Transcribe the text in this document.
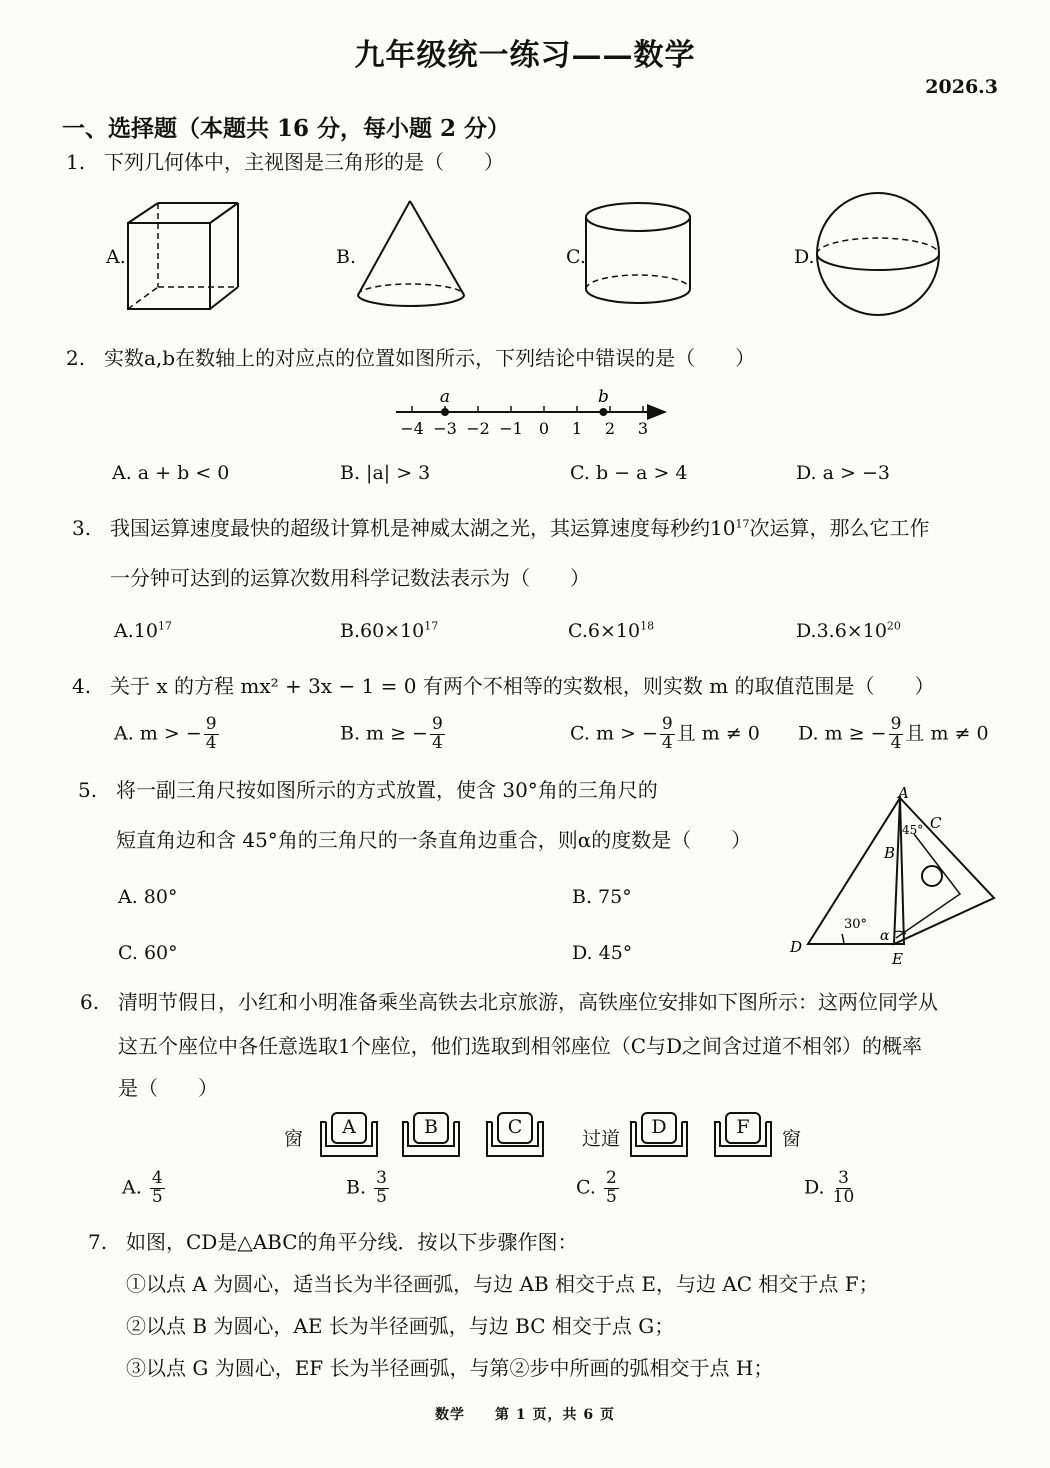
九年级统一练习——数学
2026.3
一、选择题（本题共 16 分，每小题 2 分）
1. 下列几何体中，主视图是三角形的是（　　）
A.	B.	C.	D.
2. 实数a,b在数轴上的对应点的位置如图所示，下列结论中错误的是（　　）
−4 −3 −2 −1 0 1 2 3
a	b
A. a + b < 0	B. |a| > 3	C. b − a > 4	D. a > −3
3. 我国运算速度最快的超级计算机是神威太湖之光，其运算速度每秒约$10^{17}$次运算，那么它工作
一分钟可达到的运算次数用科学记数法表示为（　　）
$A.10^{17}$	$B.60\times 10^{17}$	$C.6\times 10^{18}$	$D.3.6\times 10^{20}$
4. 关于 x 的方程 mx² + 3x − 1 = 0 有两个不相等的实数根，则实数 m 的取值范围是（　　）
A. m > − $\frac{9}{4}$	B. m ≥ − $\frac{9}{4}$	C. m > − $\frac{9}{4}$ 且 m ≠ 0 D. m ≥ − $\frac{9}{4}$ 且 m ≠ 0
5. 将一副三角尺按如图所示的方式放置，使含 30°角的三角尺的
短直角边和含 45°角的三角尺的一条直角边重合，则α的度数是（　　）
A. 80°	B. 75°
C. 60°	D. 45°
A
B
C
D
E
45°
30°
α
6. 清明节假日，小红和小明准备乘坐高铁去北京旅游，高铁座位安排如下图所示：这两位同学从
这五个座位中各任意选取1个座位，他们选取到相邻座位（C与D之间含过道不相邻）的概率
是（　　）
窗	过道	窗
A	B	C	D	F
A. $\frac{4}{5}$	B. $\frac{3}{5}$	C. $\frac{2}{5}$	D. $\frac{3}{10}$
7. 如图，CD是△ABC的角平分线．按以下步骤作图：
①以点 A 为圆心，适当长为半径画弧，与边 AB 相交于点 E，与边 AC 相交于点 F；
②以点 B 为圆心，AE 长为半径画弧，与边 BC 相交于点 G；
③以点 G 为圆心，EF 长为半径画弧，与第②步中所画的弧相交于点 H；
数学　　第 1 页，共 6 页
